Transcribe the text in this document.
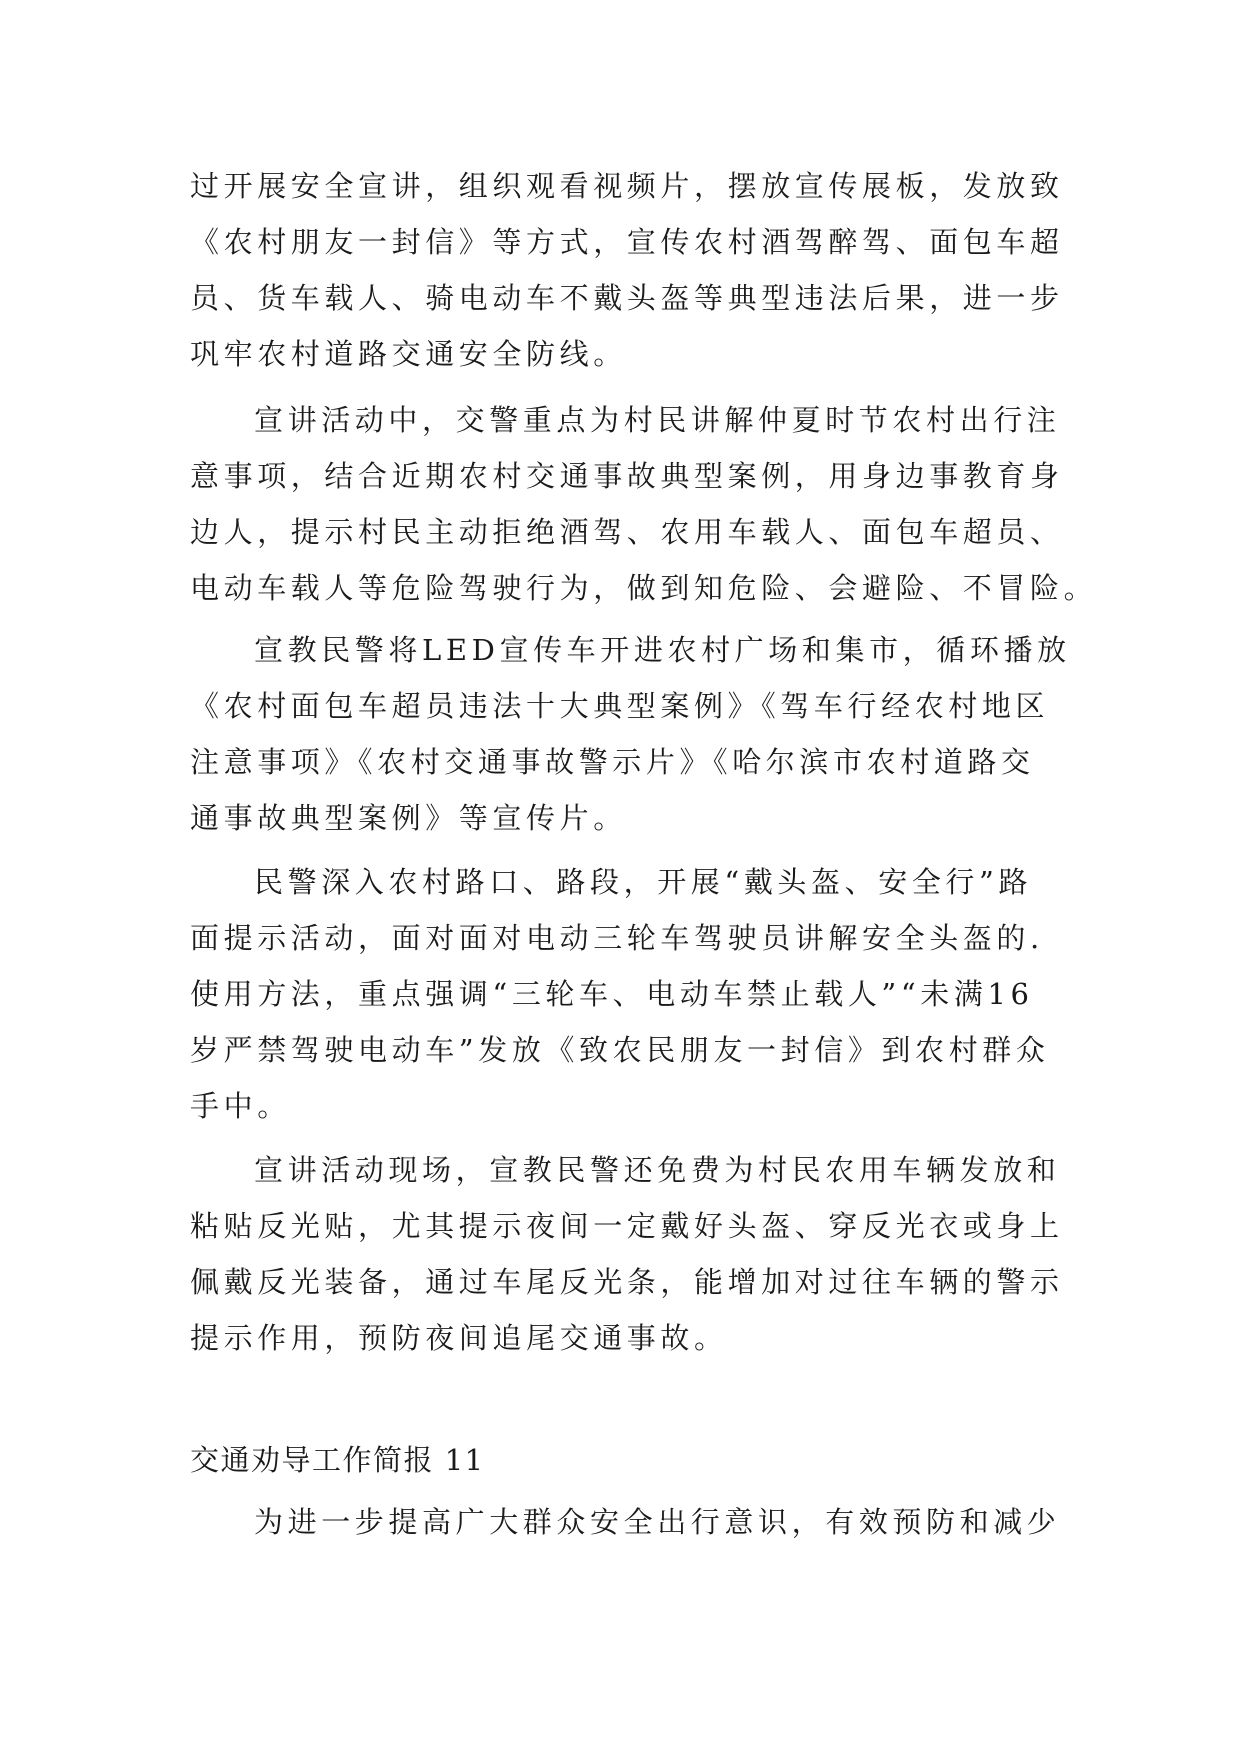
过开展安全宣讲，组织观看视频片，摆放宣传展板，发放致
《农村朋友一封信》等方式，宣传农村酒驾醉驾、面包车超
员、货车载人、骑电动车不戴头盔等典型违法后果，进一步
巩牢农村道路交通安全防线。
宣讲活动中，交警重点为村民讲解仲夏时节农村出行注
意事项，结合近期农村交通事故典型案例，用身边事教育身
边人，提示村民主动拒绝酒驾、农用车载人、面包车超员、
电动车载人等危险驾驶行为，做到知危险、会避险、不冒险。
宣教民警将LED宣传车开进农村广场和集市，循环播放
《农村面包车超员违法十大典型案例》《驾车行经农村地区
注意事项》《农村交通事故警示片》《哈尔滨市农村道路交
通事故典型案例》等宣传片。
民警深入农村路口、路段，开展“戴头盔、安全行”路
面提示活动，面对面对电动三轮车驾驶员讲解安全头盔的.
使用方法，重点强调“三轮车、电动车禁止载人”“未满16
岁严禁驾驶电动车”发放《致农民朋友一封信》到农村群众
手中。
宣讲活动现场，宣教民警还免费为村民农用车辆发放和
粘贴反光贴，尤其提示夜间一定戴好头盔、穿反光衣或身上
佩戴反光装备，通过车尾反光条，能增加对过往车辆的警示
提示作用，预防夜间追尾交通事故。
交通劝导工作简报 11
为进一步提高广大群众安全出行意识，有效预防和减少
